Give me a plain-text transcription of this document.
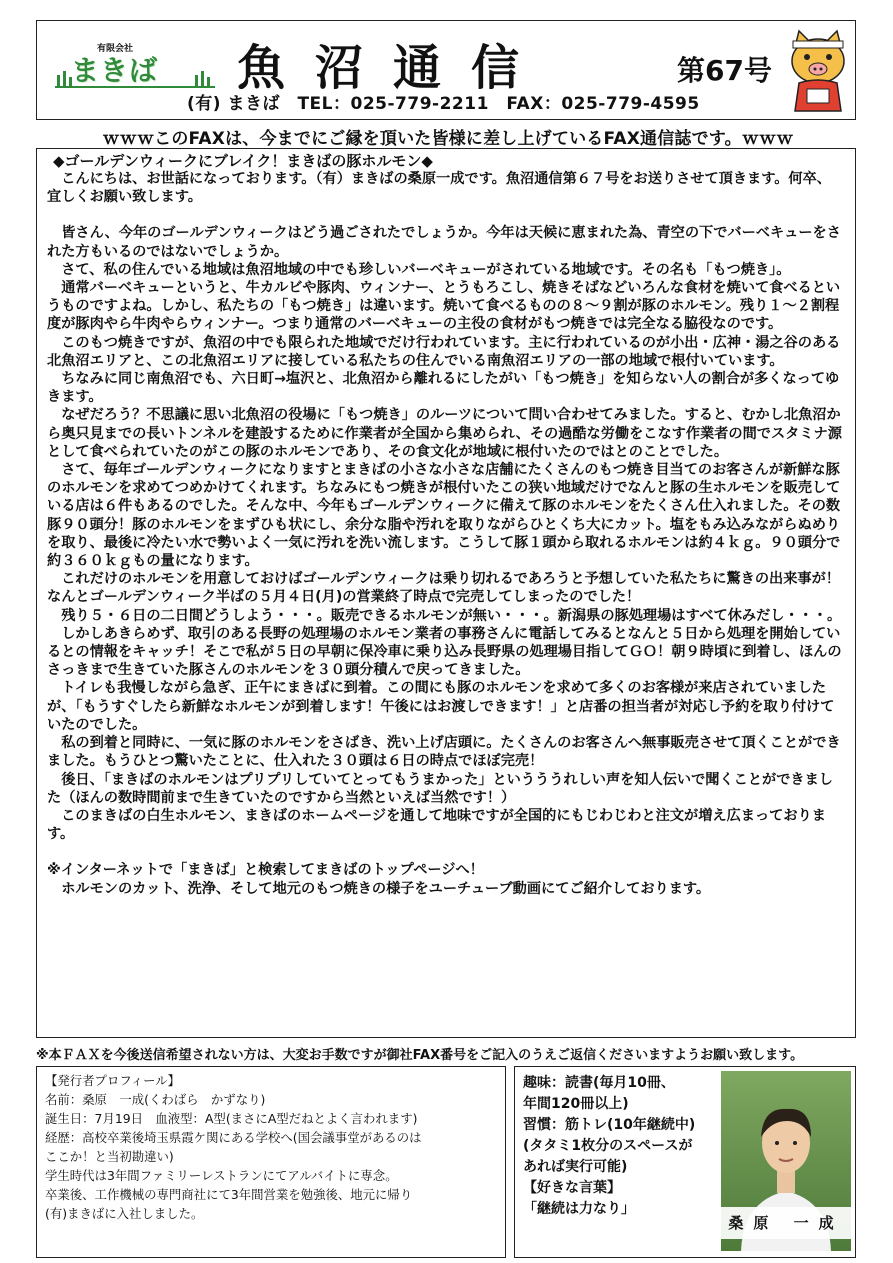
有限会社
まきば 魚沼通信	第67号
(有) まきば　TEL：025-779-2211　FAX：025-779-4595
ｗｗｗこのFAXは、今までにご縁を頂いた皆様に差し上げているFAX通信誌です。ｗｗｗ
◆ゴールデンウィークにブレイク！まきばの豚ホルモン◆

こんにちは、お世話になっております。（有）まきばの桑原一成です。魚沼通信第６７号をお送りさせて頂きます。何卒、宜しくお願い致します。

皆さん、今年のゴールデンウィークはどう過ごされたでしょうか。今年は天候に恵まれた為、青空の下でバーベキューをされた方もいるのではないでしょうか。

さて、私の住んでいる地域は魚沼地域の中でも珍しいバーベキューがされている地域です。その名も「もつ焼き」。

通常バーベキューというと、牛カルビや豚肉、ウィンナー、とうもろこし、焼きそばなどいろんな食材を焼いて食べるというものですよね。しかし、私たちの「もつ焼き」は違います。焼いて食べるものの８～９割が豚のホルモン。残り１～２割程度が豚肉やら牛肉やらウィンナー。つまり通常のバーベキューの主役の食材がもつ焼きでは完全なる脇役なのです。

このもつ焼きですが、魚沼の中でも限られた地域でだけ行われています。主に行われているのが小出・広神・湯之谷のある北魚沼エリアと、この北魚沼エリアに接している私たちの住んでいる南魚沼エリアの一部の地域で根付いています。

ちなみに同じ南魚沼でも、六日町→塩沢と、北魚沼から離れるにしたがい「もつ焼き」を知らない人の割合が多くなってゆきます。

なぜだろう？不思議に思い北魚沼の役場に「もつ焼き」のルーツについて問い合わせてみました。すると、むかし北魚沼から奥只見までの長いトンネルを建設するために作業者が全国から集められ、その過酷な労働をこなす作業者の間でスタミナ源として食べられていたのがこの豚のホルモンであり、その食文化が地域に根付いたのではとのことでした。

さて、毎年ゴールデンウィークになりますとまきばの小さな小さな店舗にたくさんのもつ焼き目当てのお客さんが新鮮な豚のホルモンを求めてつめかけてくれます。ちなみにもつ焼きが根付いたこの狭い地域だけでなんと豚の生ホルモンを販売している店は６件もあるのでした。そんな中、今年もゴールデンウィークに備えて豚のホルモンをたくさん仕入れました。その数豚９０頭分！豚のホルモンをまずひも状にし、余分な脂や汚れを取りながらひとくち大にカット。塩をもみ込みながらぬめりを取り、最後に冷たい水で勢いよく一気に汚れを洗い流します。こうして豚１頭から取れるホルモンは約４ｋｇ。９０頭分で約３６０ｋｇもの量になります。

これだけのホルモンを用意しておけばゴールデンウィークは乗り切れるであろうと予想していた私たちに驚きの出来事が！なんとゴールデンウィーク半ばの５月４日(月)の営業終了時点で完売してしまったのでした！

残り５・６日の二日間どうしよう・・・。販売できるホルモンが無い・・・。新潟県の豚処理場はすべて休みだし・・・。

しかしあきらめず、取引のある長野の処理場のホルモン業者の事務さんに電話してみるとなんと５日から処理を開始しているとの情報をキャッチ！そこで私が５日の早朝に保冷車に乗り込み長野県の処理場目指してＧＯ！朝９時頃に到着し、ほんのさっきまで生きていた豚さんのホルモンを３０頭分積んで戻ってきました。

トイレも我慢しながら急ぎ、正午にまきばに到着。この間にも豚のホルモンを求めて多くのお客様が来店されていましたが、「もうすぐしたら新鮮なホルモンが到着します！午後にはお渡しできます！」と店番の担当者が対応し予約を取り付けていたのでした。

私の到着と同時に、一気に豚のホルモンをさばき、洗い上げ店頭に。たくさんのお客さんへ無事販売させて頂くことができました。もうひとつ驚いたことに、仕入れた３０頭は６日の時点でほぼ完売！

後日、「まきばのホルモンはプリプリしていてとってもうまかった」というううれしい声を知人伝いで聞くことができました（ほんの数時間前まで生きていたのですから当然といえば当然です！）

このまきばの白生ホルモン、まきばのホームページを通して地味ですが全国的にもじわじわと注文が増え広まっております。

※インターネットで「まきば」と検索してまきばのトップページへ！

ホルモンのカット、洗浄、そして地元のもつ焼きの様子をユーチューブ動画にてご紹介しております。

※本ＦＡＸを今後送信希望されない方は、大変お手数ですが御社FAX番号をご記入のうえご返信くださいますようお願い致します。
【発行者プロフィール】
名前：桑原　一成(くわばら　かずなり)
誕生日：7月19日　血液型：A型(まさにA型だねとよく言われます)
経歴：高校卒業後埼玉県霞ケ関にある学校へ(国会議事堂があるのは
ここか！と当初勘違い)
学生時代は3年間ファミリーレストランにてアルバイトに専念。
卒業後、工作機械の専門商社にて3年間営業を勉強後、地元に帰り
(有)まきばに入社しました。
趣味：読書(毎月10冊、
年間120冊以上)
習慣：筋トレ(10年継続中)
(タタミ1枚分のスペースが
あれば実行可能)
【好きな言葉】
「継続は力なり」
桑原 一成
